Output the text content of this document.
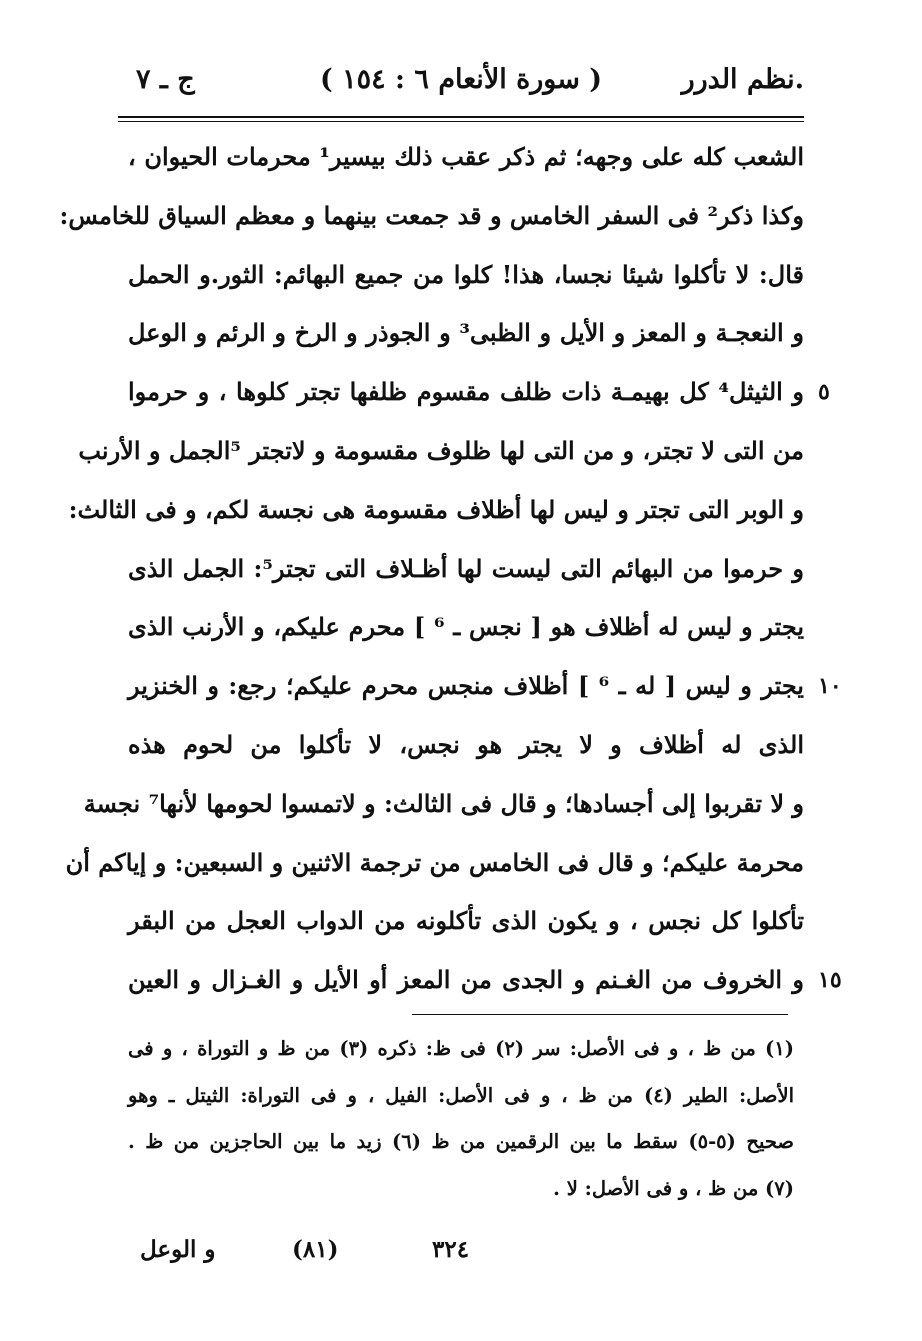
.نظم الدرر
( سورة الأنعام ٦ : ١٥٤ )
ج ـ ٧
الشعب كله على وجهه؛ ثم ذكر عقب ذلك بيسير¹ محرمات الحيوان ،
وكذا ذكر² فى السفر الخامس و قد جمعت بينهما و معظم السياق للخامس:
قال: لا تأكلوا شيئا نجسا، هذا! كلوا من جميع البهائم: الثور.و الحمل
و النعجـة و المعز و الأيل و الظبى³ و الجوذر و الرخ و الرئم و الوعل
و الثيثل⁴ كل بهيمـة ذات ظلف مقسوم ظلفها تجتر كلوها ، و حرموا ٥
من التى لا تجتر، و من التى لها ظلوف مقسومة و لاتجتر ⁵الجمل و الأرنب
و الوبر التى تجتر و ليس لها أظلاف مقسومة هى نجسة لكم، و فى الثالث:
و حرموا من البهائم التى ليست لها أظـلاف التى تجتر⁵: الجمل الذى
يجتر و ليس له أظلاف هو [ نجس ـ ⁶ ] محرم عليكم، و الأرنب الذى
يجتر و ليس [ له ـ ⁶ ] أظلاف منجس محرم عليكم؛ رجع: و الخنزير ١٠
الذى له أظلاف و لا يجتر هو نجس، لا تأكلوا من لحوم هذه
و لا تقربوا إلى أجسادها؛ و قال فى الثالث: و لاتمسوا لحومها لأنها⁷ نجسة
محرمة عليكم؛ و قال فى الخامس من ترجمة الاثنين و السبعين: و إياكم أن
تأكلوا كل نجس ، و يكون الذى تأكلونه من الدواب العجل من البقر
و الخروف من الغـنم و الجدى من المعز أو الأيل و الغـزال و العين ١٥
(١) من ظ ، و فى الأصل: سر (٢) فى ظ: ذكره (٣) من ظ و التوراة ، و فى
الأصل: الطير (٤) من ظ ، و فى الأصل: الفيل ، و فى التوراة: الثيتل ـ وهو
صحيح (٥-٥) سقط ما بين الرقمين من ظ (٦) زيد ما بين الحاجزين من ظ .
(٧) من ظ ، و فى الأصل: لا .
و الوعل	(٨١)	٣٢٤
